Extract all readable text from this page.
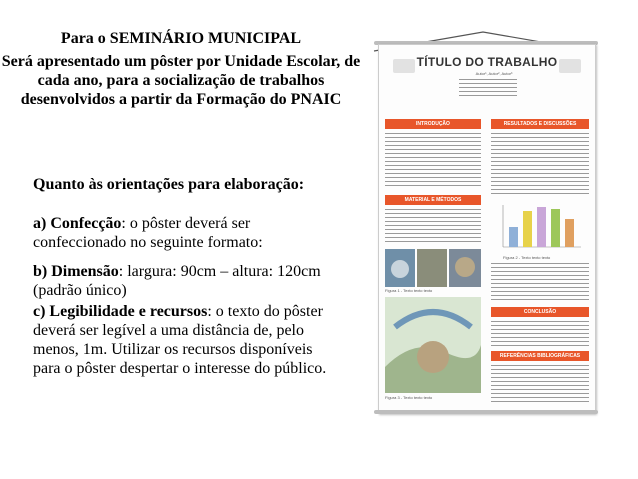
Para o SEMINÁRIO MUNICIPAL
Será apresentado um pôster por Unidade Escolar, de cada ano, para a socialização de trabalhos desenvolvidos a partir da Formação do PNAIC
Quanto às orientações para elaboração:
a) Confecção: o pôster deverá ser confeccionado no seguinte formato:
b) Dimensão: largura: 90cm – altura: 120cm (padrão único)
c) Legibilidade e recursos: o texto do pôster deverá ser legível a uma distância de, pelo menos, 1m. Utilizar os recursos disponíveis para o pôster despertar o interesse do público.
TÍTULO DO TRABALHO
Autor¹, Autor², Autor³
INTRODUÇÃO
MATERIAL E MÉTODOS
Figura 1 - Texto texto texto
Figura 3 - Texto texto texto
RESULTADOS E DISCUSSÕES
Figura 2 - Texto texto texto
CONCLUSÃO
REFERÊNCIAS BIBLIOGRÁFICAS
